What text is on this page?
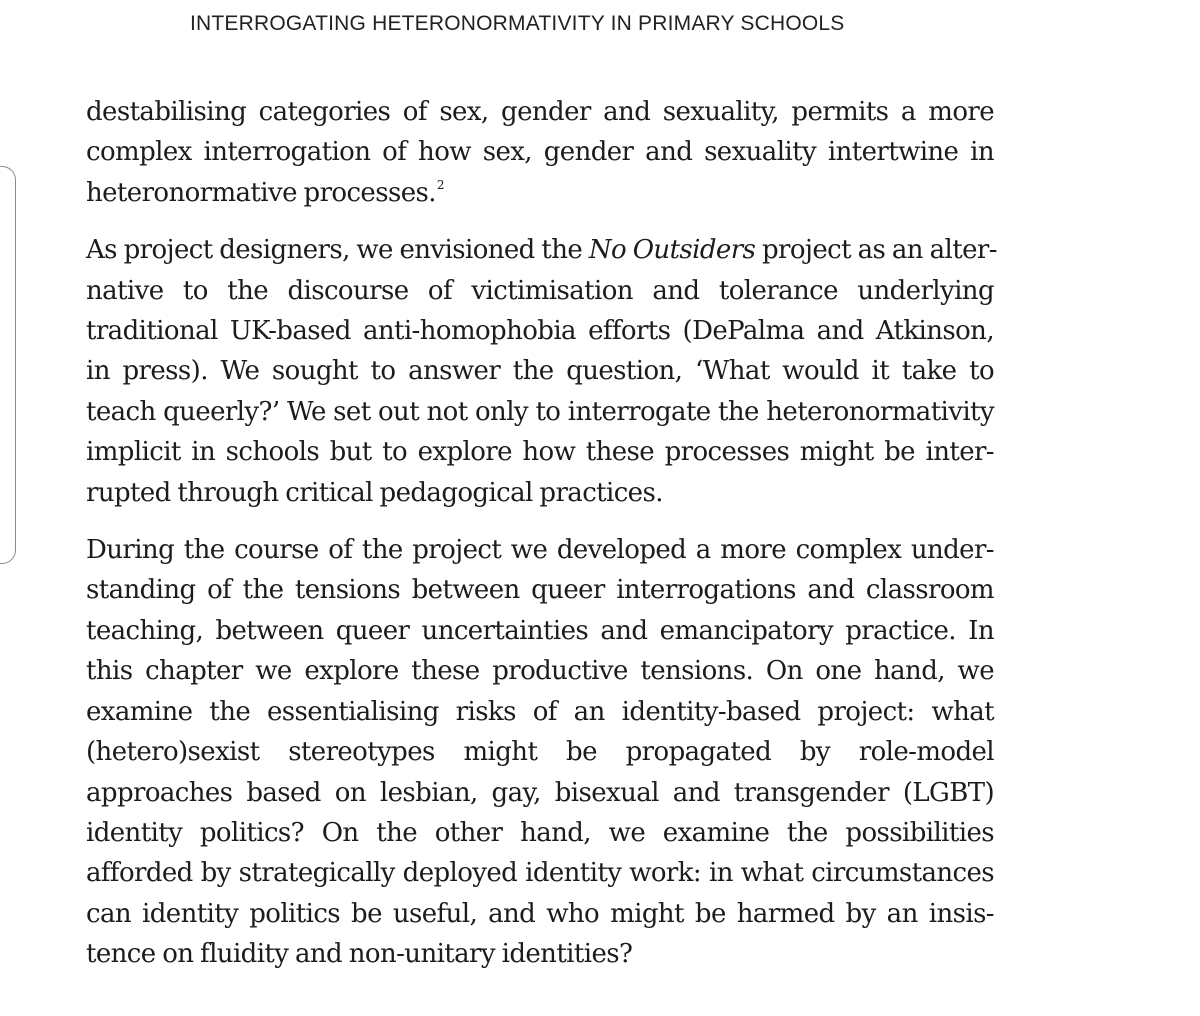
INTERROGATING HETERONORMATIVITY IN PRIMARY SCHOOLS

destabilising categories of sex, gender and sexuality, permits a more
complex interrogation of how sex, gender and sexuality intertwine in
heteronormative processes.$^2$

As project designers, we envisioned the No Outsiders project as an alter-
native to the discourse of victimisation and tolerance underlying
traditional UK-based anti-homophobia efforts (DePalma and Atkinson,
in press). We sought to answer the question, ‘What would it take to
teach queerly?’ We set out not only to interrogate the heteronormativity
implicit in schools but to explore how these processes might be inter-
rupted through critical pedagogical practices.

During the course of the project we developed a more complex under-
standing of the tensions between queer interrogations and classroom
teaching, between queer uncertainties and emancipatory practice. In
this chapter we explore these productive tensions. On one hand, we
examine the essentialising risks of an identity-based project: what
(hetero)sexist stereotypes might be propagated by role-model
approaches based on lesbian, gay, bisexual and transgender (LGBT)
identity politics? On the other hand, we examine the possibilities
afforded by strategically deployed identity work: in what circumstances
can identity politics be useful, and who might be harmed by an insis-
tence on fluidity and non-unitary identities?
